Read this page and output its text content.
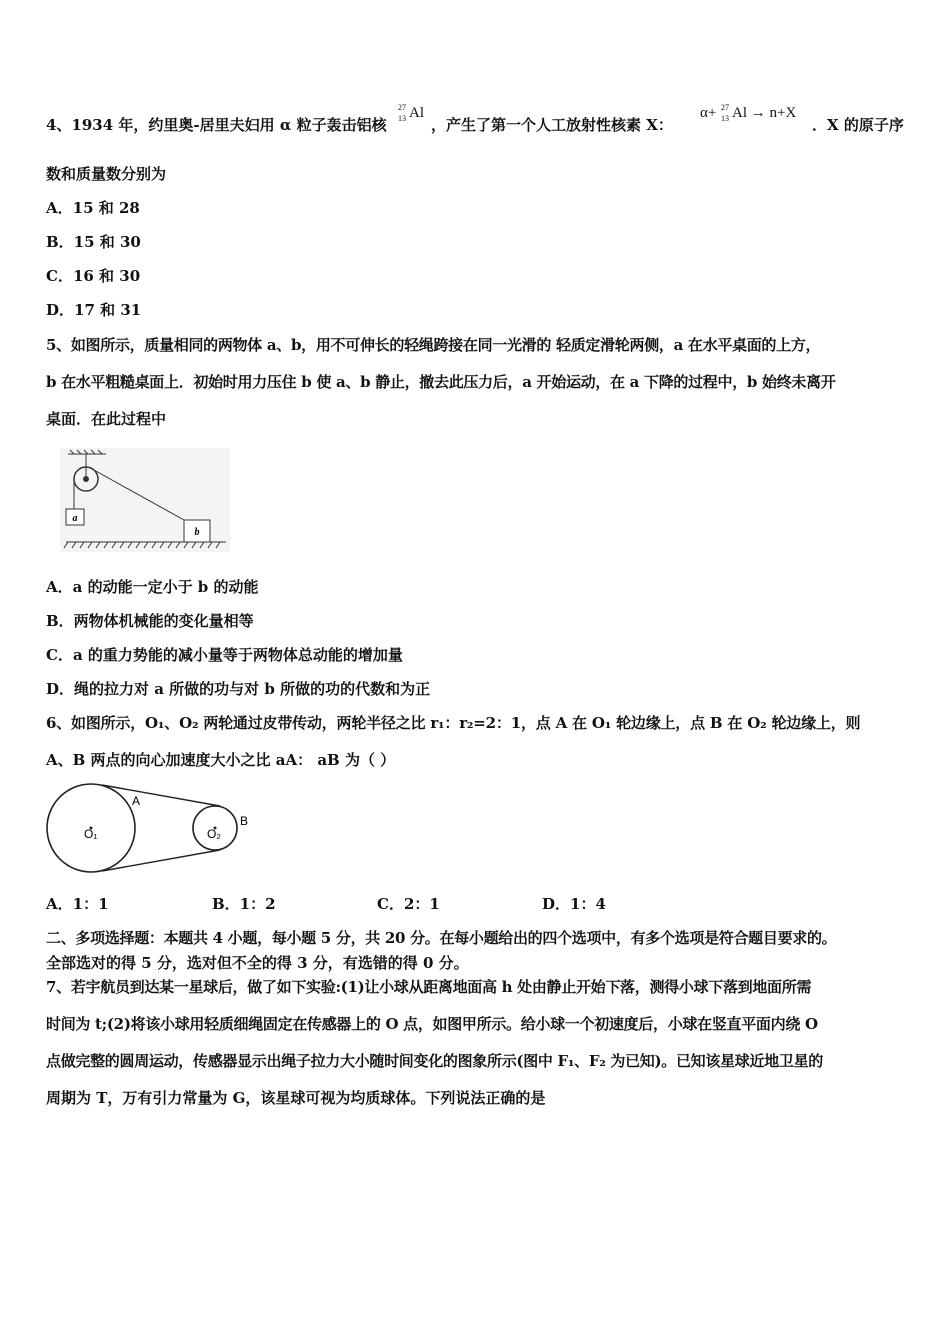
4、1934 年，约里奥-居里夫妇用 α 粒子轰击铝核
27
13 Al
，产生了第一个人工放射性核素 X：
α+ 27
13 Al → n+X
．X 的原子序
数和质量数分别为
A．15 和 28
B．15 和 30
C．16 和 30
D．17 和 31
5、如图所示，质量相同的两物体 a、b，用不可伸长的轻绳跨接在同一光滑的 轻质定滑轮两侧，a 在水平桌面的上方，
b 在水平粗糙桌面上．初始时用力压住 b 使 a、b 静止，撤去此压力后，a 开始运动，在 a 下降的过程中，b 始终未离开
桌面．在此过程中
a
b
A．a 的动能一定小于 b 的动能
B．两物体机械能的变化量相等
C．a 的重力势能的减小量等于两物体总动能的增加量
D．绳的拉力对 a 所做的功与对 b 所做的功的代数和为正
6、如图所示，O₁、O₂ 两轮通过皮带传动，两轮半径之比 r₁：r₂=2：1，点 A 在 O₁ 轮边缘上，点 B 在 O₂ 轮边缘上，则
A、B 两点的向心加速度大小之比 aA： aB 为（ ）
O₁	O₂
A
B
A．1：1	B．1：2	C．2：1	D．1：4
二、多项选择题：本题共 4 小题，每小题 5 分，共 20 分。在每小题给出的四个选项中，有多个选项是符合题目要求的。
全部选对的得 5 分，选对但不全的得 3 分，有选错的得 0 分。
7、若宇航员到达某一星球后，做了如下实验:(1)让小球从距离地面高 h 处由静止开始下落，测得小球下落到地面所需
时间为 t;(2)将该小球用轻质细绳固定在传感器上的 O 点，如图甲所示。给小球一个初速度后，小球在竖直平面内绕 O
点做完整的圆周运动，传感器显示出绳子拉力大小随时间变化的图象所示(图中 F₁、F₂ 为已知)。已知该星球近地卫星的
周期为 T，万有引力常量为 G，该星球可视为均质球体。下列说法正确的是
